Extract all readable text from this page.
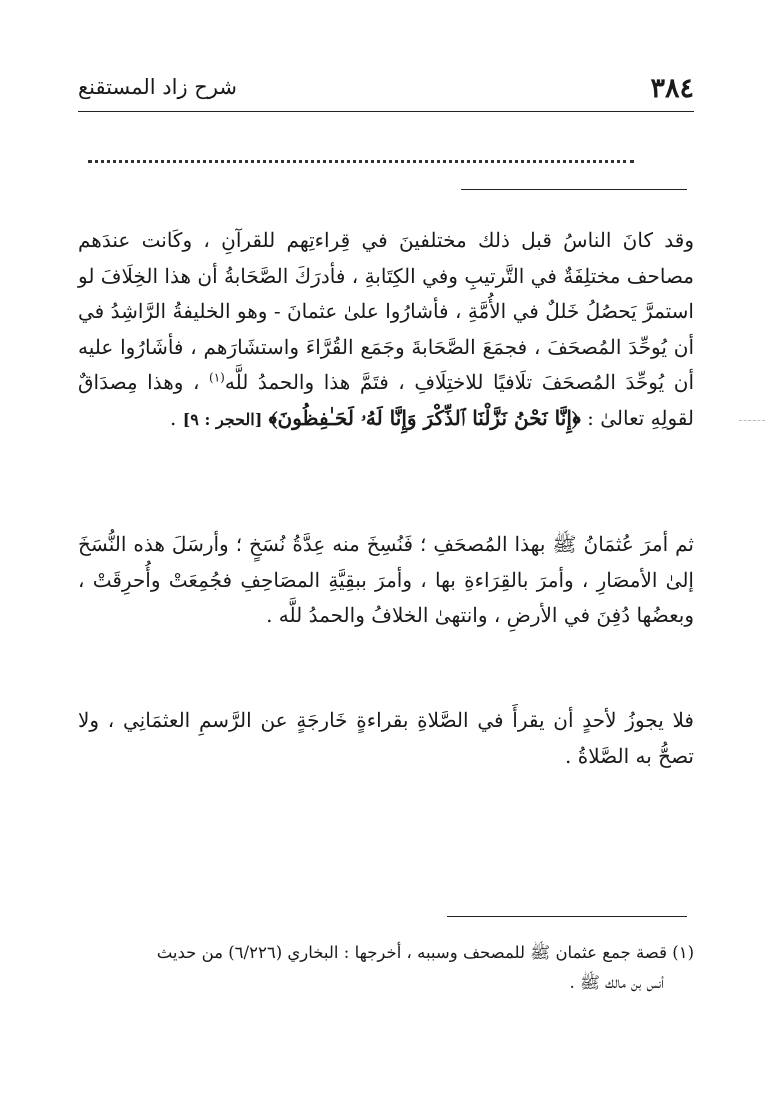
٣٨٤
شرح زاد المستقنع

وقد كانَ الناسُ قبل ذلك مختلفينَ في قِراءتِهم للقرآنِ ، وكَانت عندَهم مصاحف مختلِفَةٌ في التَّرتيبِ وفي الكِتَابةِ ، فأدرَكَ الصَّحَابةُ أن هذا الخِلَافَ لو استمرَّ يَحصُلُ خَللٌ في الأُمَّةِ ، فأشارُوا علىٰ عثمانَ - وهو الخليفةُ الرَّاشِدُ في أن يُوحِّدَ المُصحَفَ ، فجمَعَ الصَّحَابةَ وجَمَع القُرَّاءَ واستشَارَهم ، فأشَارُوا عليه أن يُوحِّدَ المُصحَفَ تلَافيًا للاختِلَافِ ، فتَمَّ هذا والحمدُ للَّه$^{(١)}$ ، وهذا مِصدَاقٌ لقولِهِ تعالىٰ : ﴿إِنَّا نَحْنُ نَزَّلْنَا ٱلذِّكْرَ وَإِنَّا لَهُۥ لَحَـٰفِظُونَ﴾ [الحجر : ٩] .

ثم أمرَ عُثمَانُ ﷺ بهذا المُصحَفِ ؛ فَنُسِخَ منه عِدَّةُ نُسَخٍ ؛ وأرسَلَ هذه النُّسَخَ إلىٰ الأمصَارِ ، وأمرَ بالقِرَاءةِ بها ، وأمرَ ببقِيَّةِ المصَاحِفِ فجُمِعَتْ وأُحرِقَتْ ، وبعضُها دُفِنَ في الأرضِ ، وانتهىٰ الخلافُ والحمدُ للَّه .

فلا يجوزُ لأحدٍ أن يقرأَ في الصَّلاةِ بقراءةٍ خَارجَةٍ عن الرَّسمِ العثمَانِي ، ولا تصحُّ به الصَّلاةُ .

(١) قصة جمع عثمان ﷺ للمصحف وسببه ، أخرجها : البخاري (٦/٢٢٦) من حديث
أنس بن مالك ﷺ .
